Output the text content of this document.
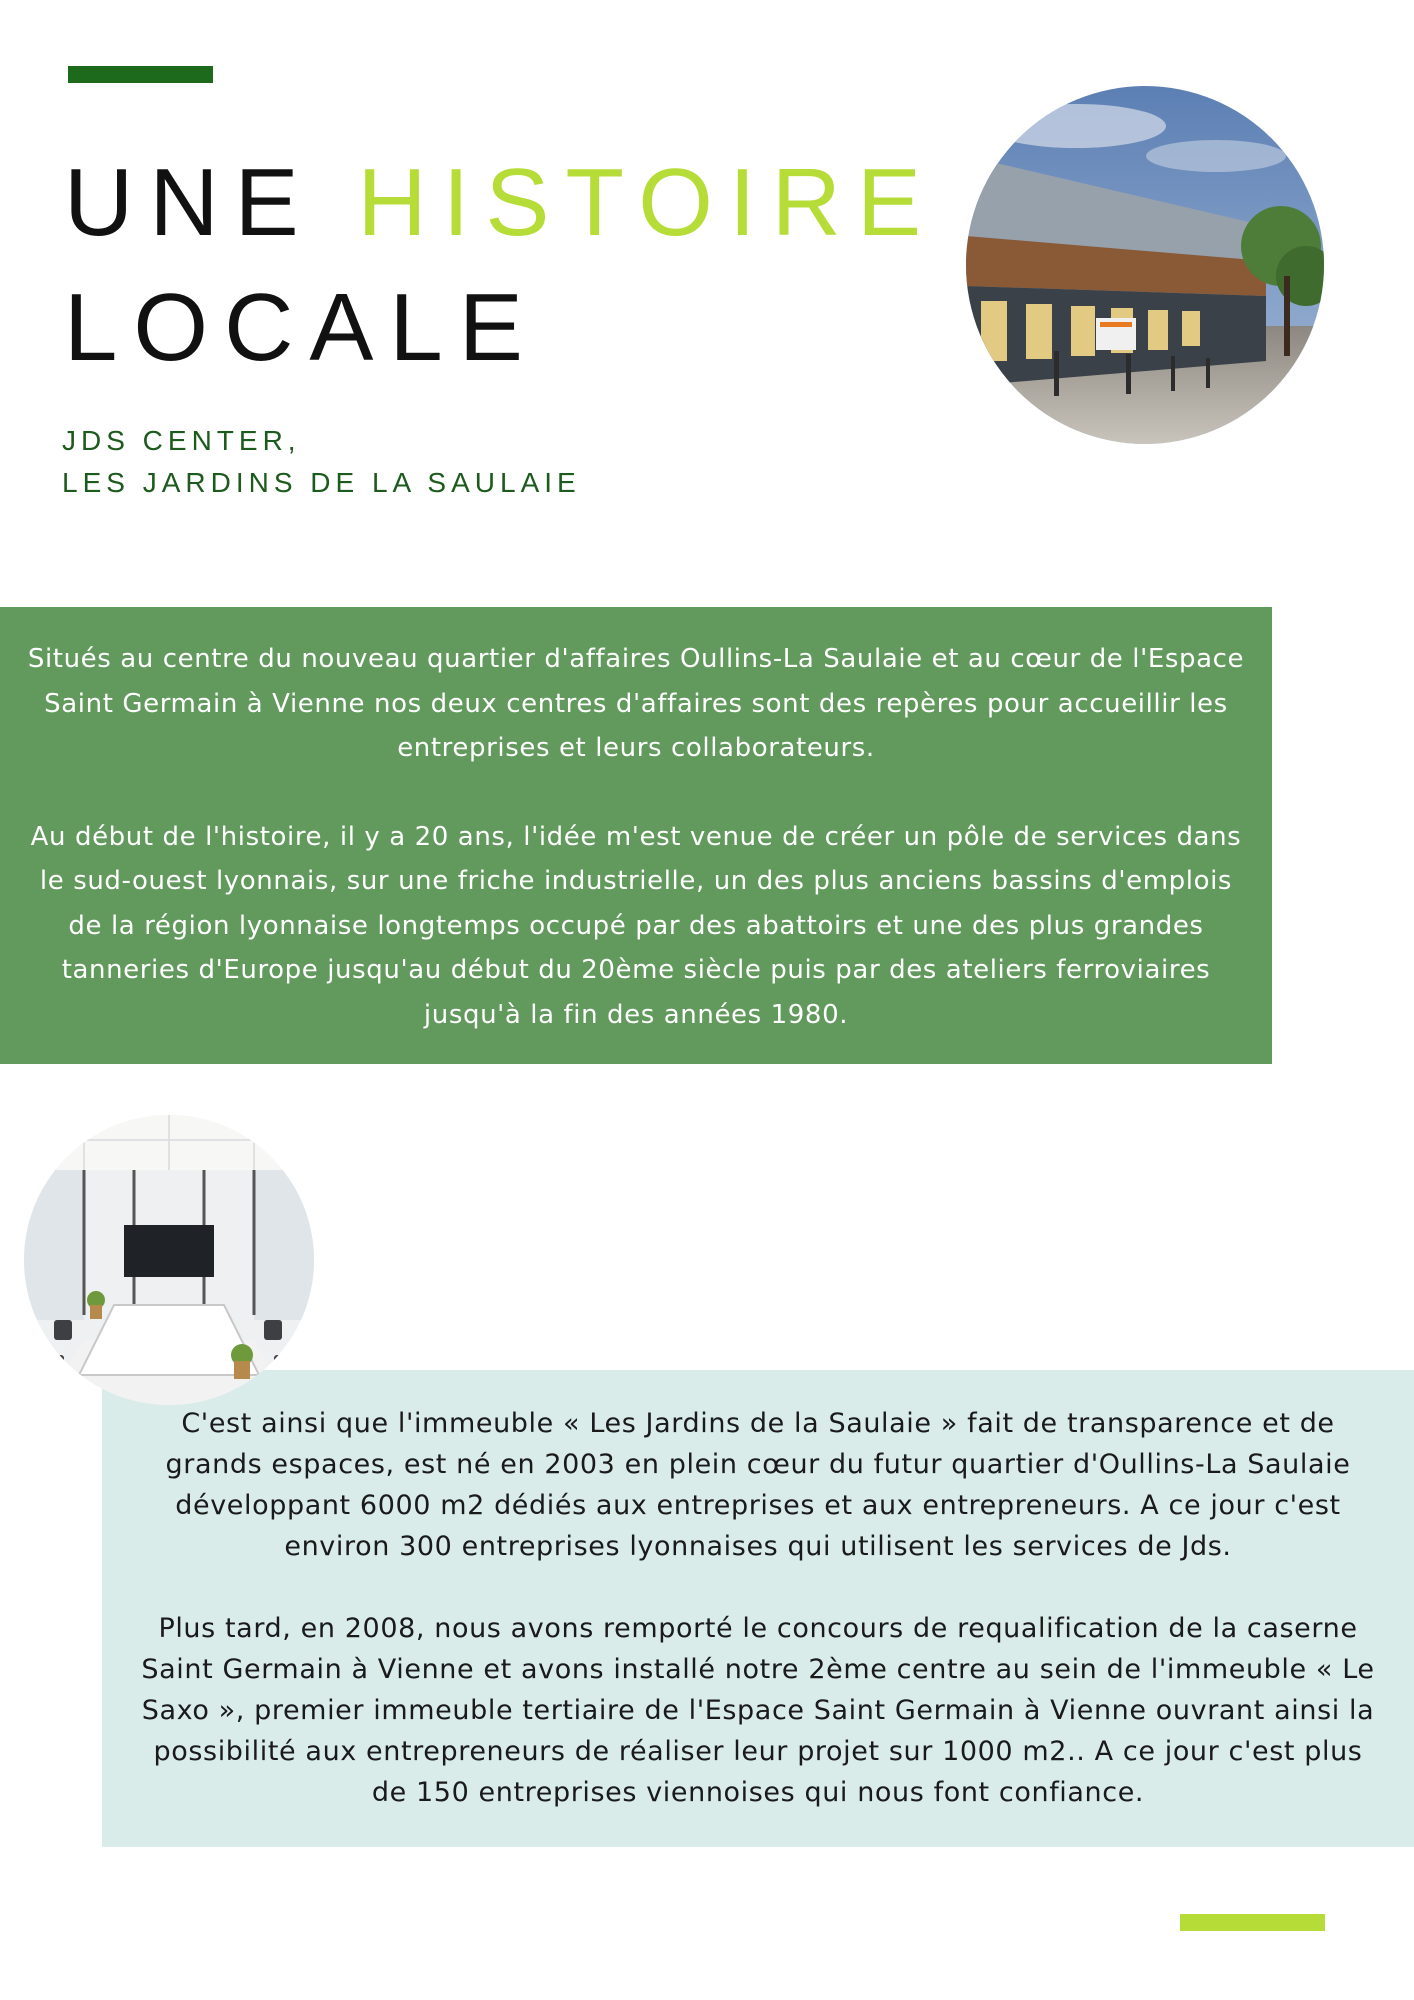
UNE HISTOIRE
LOCALE
JDS CENTER,
LES JARDINS DE LA SAULAIE

Situés au centre du nouveau quartier d'affaires Oullins-La Saulaie et au cœur de l'Espace Saint Germain à Vienne nos deux centres d'affaires sont des repères pour accueillir les entreprises et leurs collaborateurs.

Au début de l'histoire, il y a 20 ans, l'idée m'est venue de créer un pôle de services dans le sud-ouest lyonnais, sur une friche industrielle, un des plus anciens bassins d'emplois de la région lyonnaise longtemps occupé par des abattoirs et une des plus grandes tanneries d'Europe jusqu'au début du 20ème siècle puis par des ateliers ferroviaires jusqu'à la fin des années 1980.

C'est ainsi que l'immeuble « Les Jardins de la Saulaie » fait de transparence et de grands espaces, est né en 2003 en plein cœur du futur quartier d'Oullins-La Saulaie développant 6000 m2 dédiés aux entreprises et aux entrepreneurs. A ce jour c'est environ 300 entreprises lyonnaises qui utilisent les services de Jds.

Plus tard, en 2008, nous avons remporté le concours de requalification de la caserne Saint Germain à Vienne et avons installé notre 2ème centre au sein de l'immeuble « Le Saxo », premier immeuble tertiaire de l'Espace Saint Germain à Vienne ouvrant ainsi la possibilité aux entrepreneurs de réaliser leur projet sur 1000 m2.. A ce jour c'est plus de 150 entreprises viennoises qui nous font confiance.
